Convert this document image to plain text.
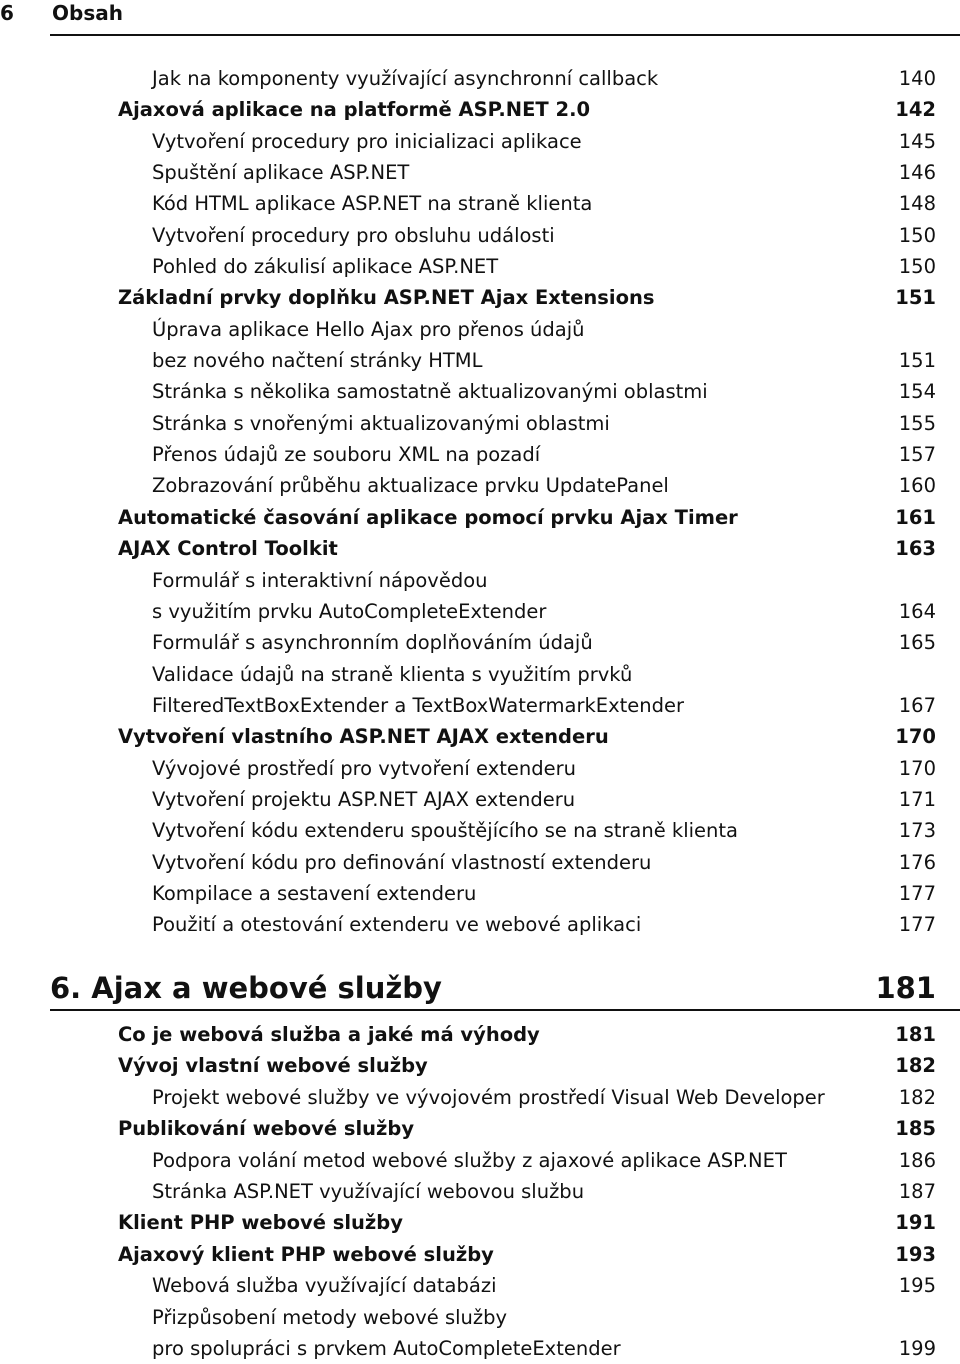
6 Obsah
Jak na komponenty využívající asynchronní callback	140
Ajaxová aplikace na platformě ASP.NET 2.0	142
Vytvoření procedury pro inicializaci aplikace	145
Spuštění aplikace ASP.NET	146
Kód HTML aplikace ASP.NET na straně klienta	148
Vytvoření procedury pro obsluhu události	150
Pohled do zákulisí aplikace ASP.NET	150
Základní prvky doplňku ASP.NET Ajax Extensions	151
Úprava aplikace Hello Ajax pro přenos údajů
bez nového načtení stránky HTML	151
Stránka s několika samostatně aktualizovanými oblastmi	154
Stránka s vnořenými aktualizovanými oblastmi	155
Přenos údajů ze souboru XML na pozadí	157
Zobrazování průběhu aktualizace prvku UpdatePanel	160
Automatické časování aplikace pomocí prvku Ajax Timer	161
AJAX Control Toolkit	163
Formulář s interaktivní nápovědou
s využitím prvku AutoCompleteExtender	164
Formulář s asynchronním doplňováním údajů	165
Validace údajů na straně klienta s využitím prvků
FilteredTextBoxExtender a TextBoxWatermarkExtender	167
Vytvoření vlastního ASP.NET AJAX extenderu	170
Vývojové prostředí pro vytvoření extenderu	170
Vytvoření projektu ASP.NET AJAX extenderu	171
Vytvoření kódu extenderu spouštějícího se na straně klienta	173
Vytvoření kódu pro definování vlastností extenderu	176
Kompilace a sestavení extenderu	177
Použití a otestování extenderu ve webové aplikaci	177
6. Ajax a webové služby	181
Co je webová služba a jaké má výhody	181
Vývoj vlastní webové služby	182
Projekt webové služby ve vývojovém prostředí Visual Web Developer	182
Publikování webové služby	185
Podpora volání metod webové služby z ajaxové aplikace ASP.NET	186
Stránka ASP.NET využívající webovou službu	187
Klient PHP webové služby	191
Ajaxový klient PHP webové služby	193
Webová služba využívající databázi	195
Přizpůsobení metody webové služby
pro spolupráci s prvkem AutoCompleteExtender	199
